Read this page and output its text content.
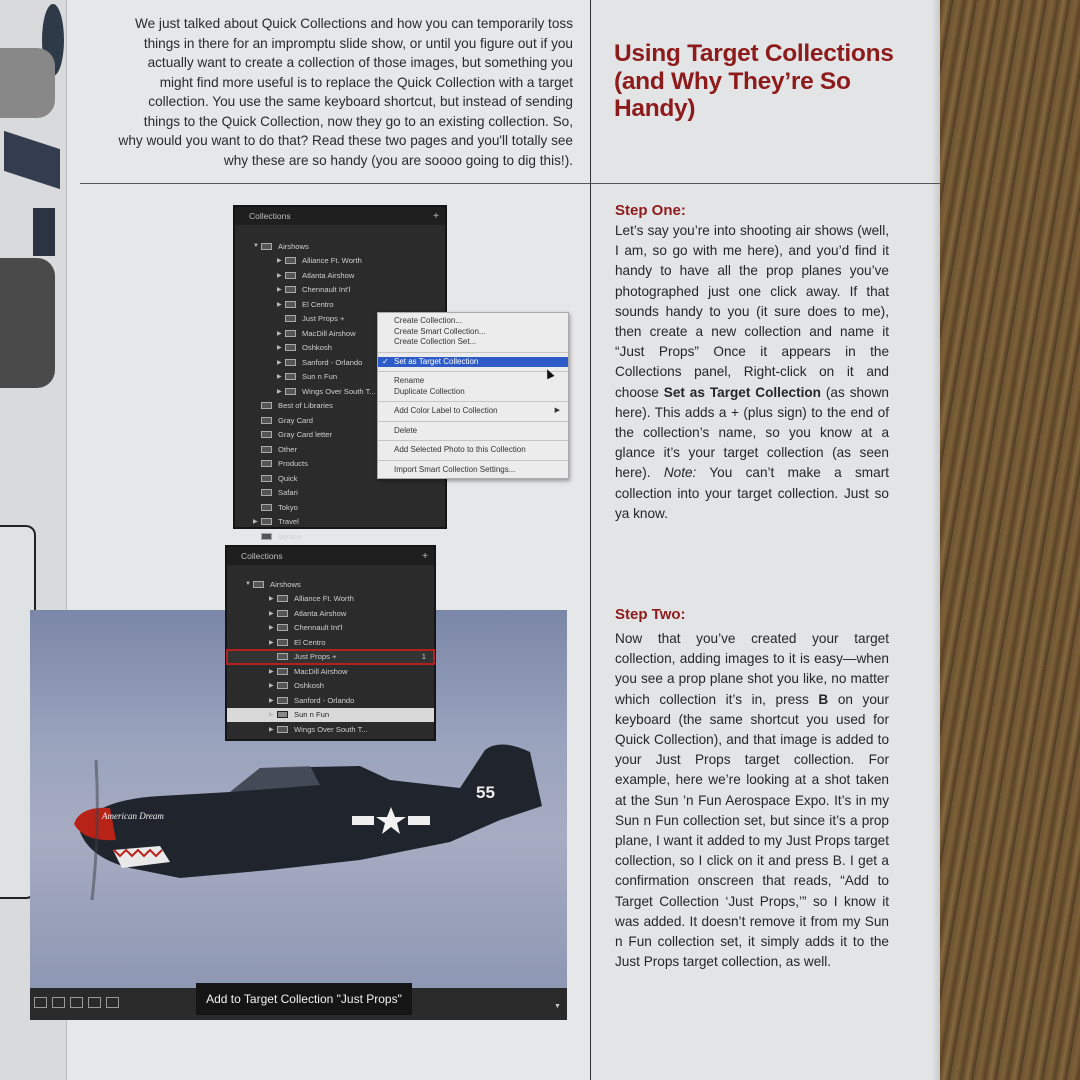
We just talked about Quick Collections and how you can temporarily toss things in there for an impromptu slide show, or until you figure out if you actually want to create a collection of those images, but something you might find more useful is to replace the Quick Collection with a target collection. You use the same keyboard shortcut, but instead of sending things to the Quick Collection, now they go to an existing collection. So, why would you want to do that? Read these two pages and you'll totally see why these are so handy (you are soooo going to dig this!).

Using Target Collections (and Why They’re So Handy)
Step One:
Let’s say you’re into shooting air shows (well, I am, so go with me here), and you’d find it handy to have all the prop planes you’ve photographed just one click away. If that sounds handy to you (it sure does to me), then create a new collection and name it “Just Props” Once it appears in the Collections panel, Right-click on it and choose Set as Target Collection (as shown here). This adds a + (plus sign) to the end of the collection’s name, so you know at a glance it’s your target collection (as seen here). Note: You can’t make a smart collection into your target collection. Just so ya know.
Step Two:
Now that you’ve created your target collection, adding images to it is easy—when you see a prop plane shot you like, no matter which collection it’s in, press B on your keyboard (the same shortcut you used for Quick Collection), and that image is added to your Just Props target collection. For example, here we’re looking at a shot taken at the Sun ’n Fun Aerospace Expo. It’s in my Sun n Fun collection set, but since it’s a prop plane, I want it added to my Just Props target collection, so I click on it and press B. I get a confirmation onscreen that reads, “Add to Target Collection ‘Just Props,’” so I know it was added. It doesn’t remove it from my Sun n Fun collection set, it simply adds it to the Just Props target collection, as well.
Collections	+
▼	Airshows
▶	Alliance Ft. Worth
▶	Atlanta Airshow
▶	Chennault Int'l
▶	El Centro
Just Props +
▶	MacDill Airshow
▶	Oshkosh
▶	Sanford - Orlando
▶	Sun n Fun
▶	Wings Over South T...
Best of Libraries
Gray Card
Gray Card letter
Other
Products
Quick
Safari
Tokyo
▶	Travel
Venice
Create Collection...
Create Smart Collection...
Create Collection Set...
✓ Set as Target Collection
Rename
Duplicate Collection
Add Color Label to Collection	▶
Delete
Add Selected Photo to this Collection
Import Smart Collection Settings...
American Dream
55
Collections	+
▼	Airshows
▶	Alliance Ft. Worth
▶	Atlanta Airshow
▶	Chennault Int'l
▶	El Centro
Just Props +	1
▶	MacDill Airshow
▶	Oshkosh
▶	Sanford - Orlando
▶	Sun n Fun
▶	Wings Over South T...
▼
Add to Target Collection "Just Props"
